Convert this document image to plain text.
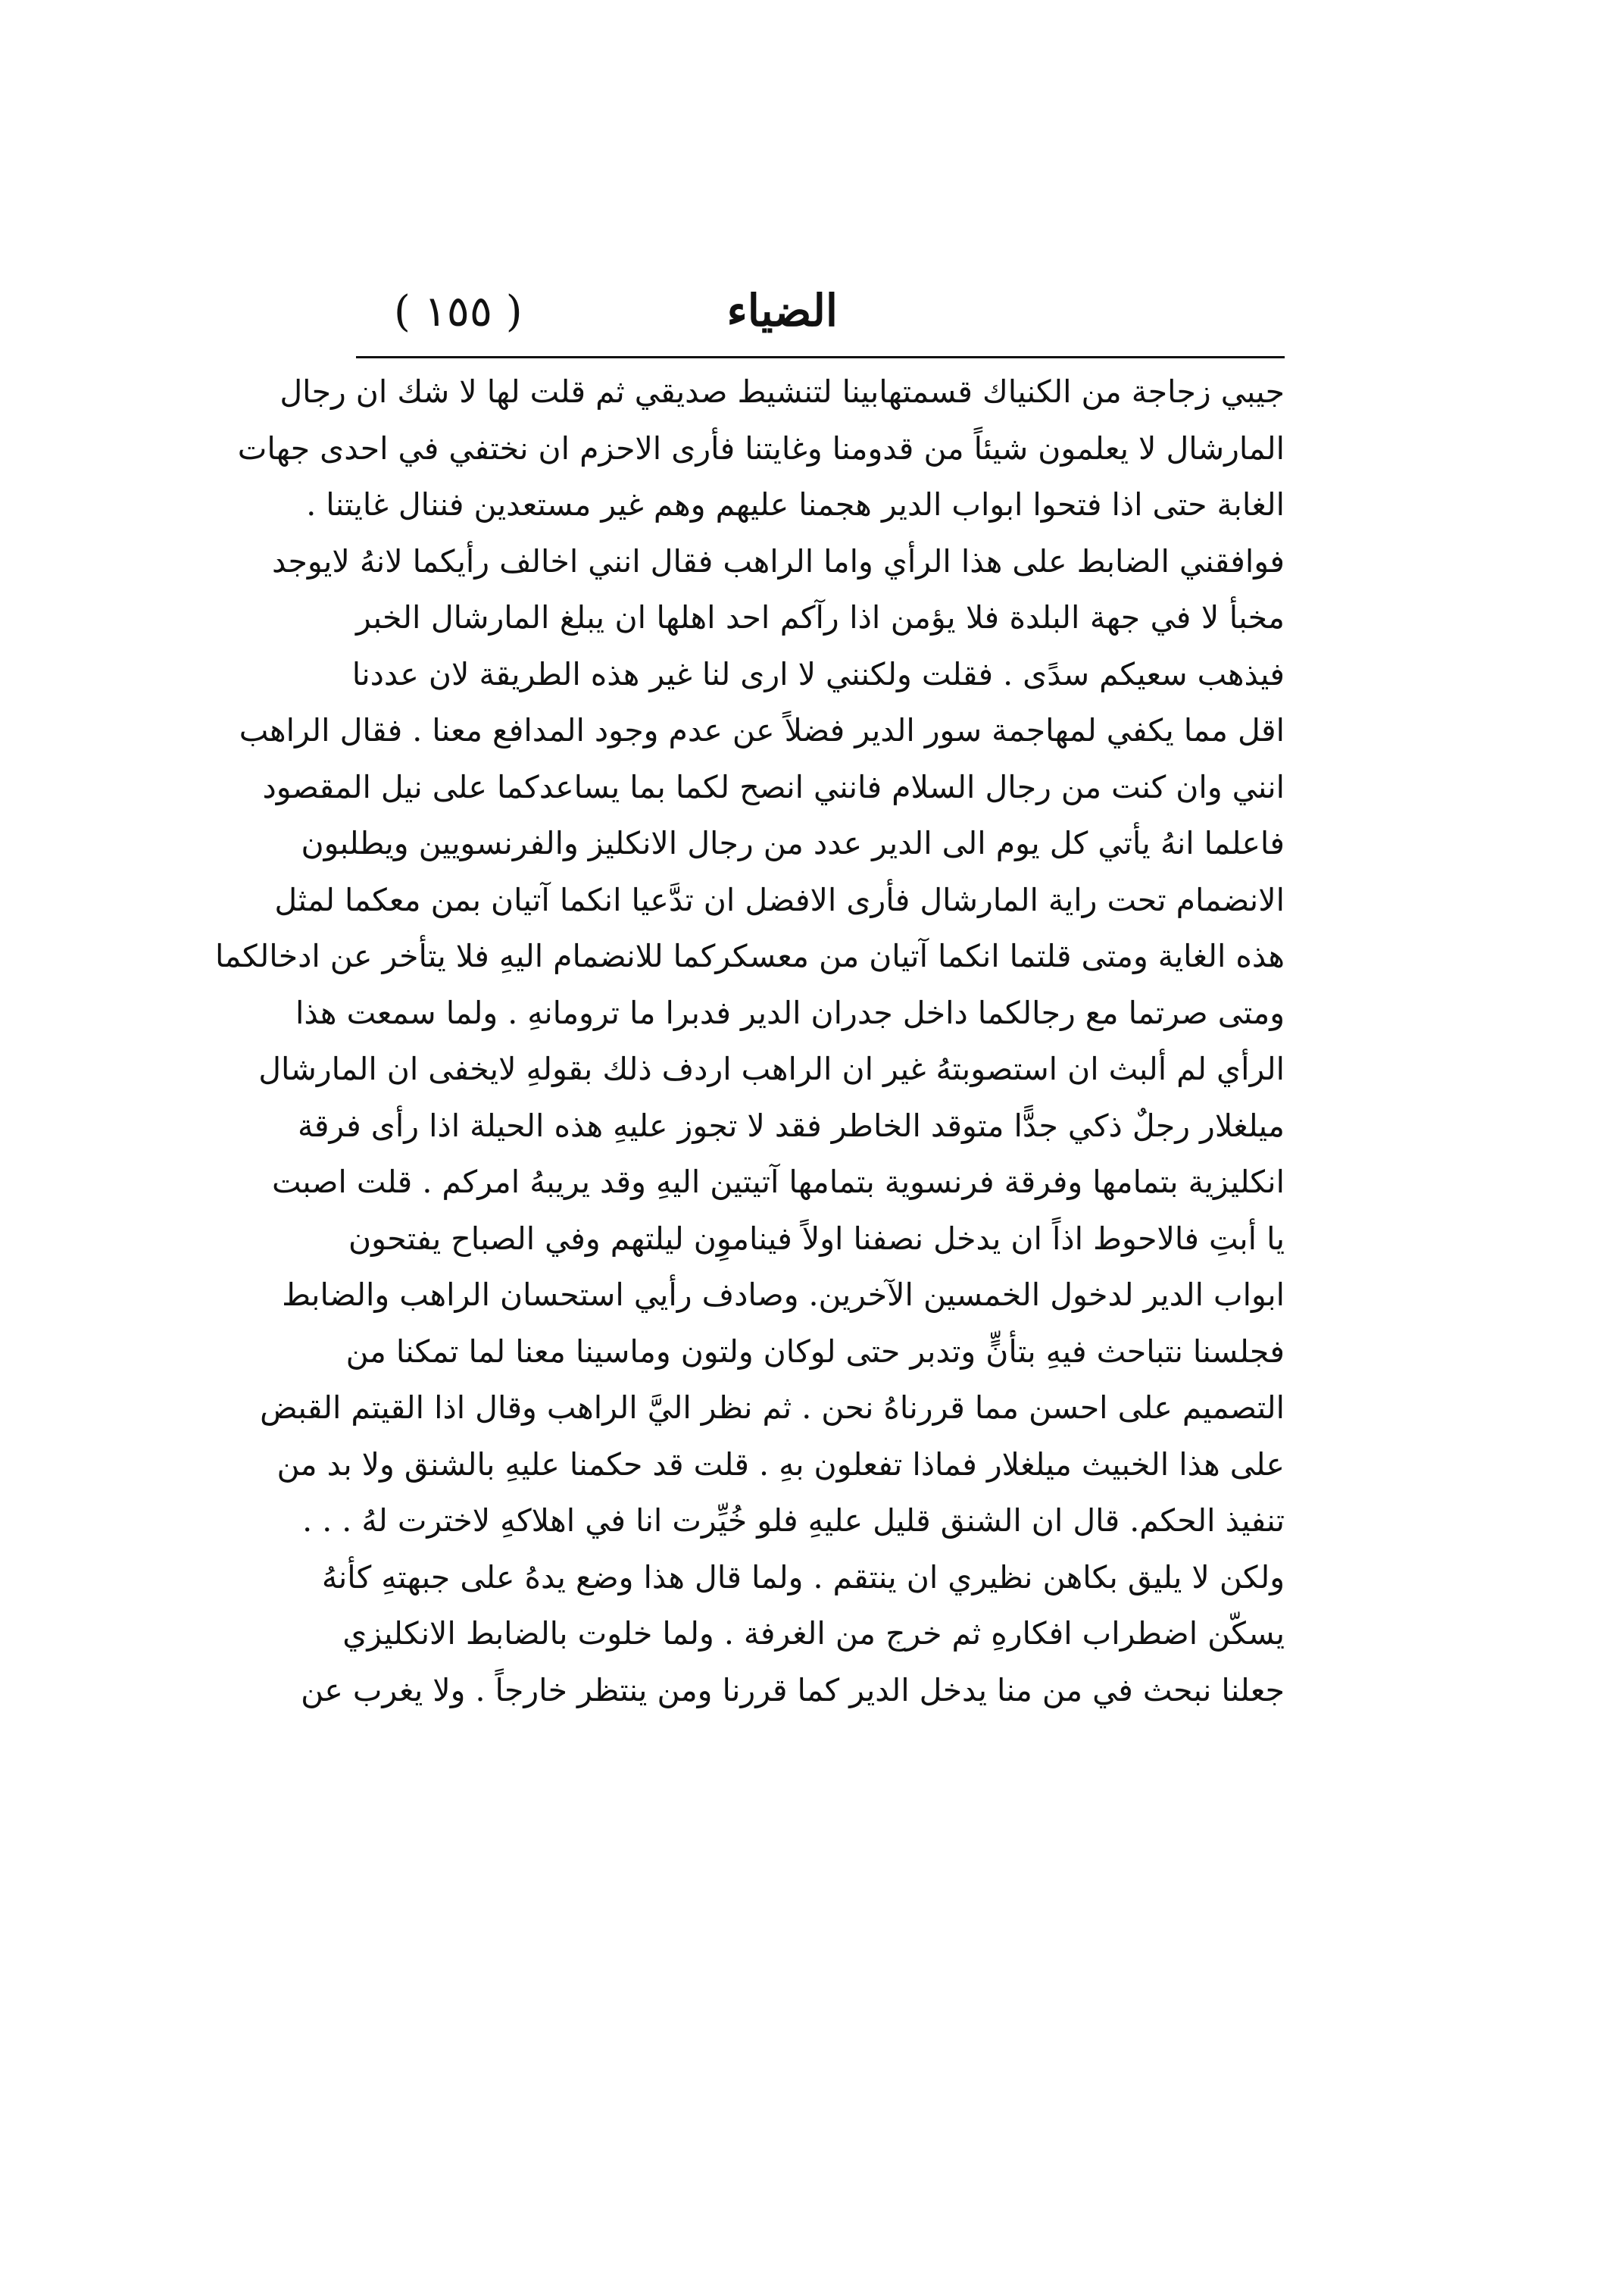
الضياء
( ١٥٥ )
جيبي زجاجة من الكنياك قسمتهابينا لتنشيط صديقي ثم قلت لها لا شك ان رجال
المارشال لا يعلمون شيئاً من قدومنا وغايتنا فأرى الاحزم ان نختفي في احدى جهات
الغابة حتى اذا فتحوا ابواب الدير هجمنا عليهم وهم غير مستعدين فننال غايتنا .
فوافقني الضابط على هذا الرأي واما الراهب فقال انني اخالف رأيكما لانهُ لايوجد
مخبأ لا في جهة البلدة فلا يؤمن اذا رآكم احد اهلها ان يبلغ المارشال الخبر
فيذهب سعيكم سدًى . فقلت ولكنني لا ارى لنا غير هذه الطريقة لان عددنا
اقل مما يكفي لمهاجمة سور الدير فضلاً عن عدم وجود المدافع معنا . فقال الراهب
انني وان كنت من رجال السلام فانني انصح لكما بما يساعدكما على نيل المقصود
فاعلما انهُ يأتي كل يوم الى الدير عدد من رجال الانكليز والفرنسويين ويطلبون
الانضمام تحت راية المارشال فأرى الافضل ان تدَّعيا انكما آتيان بمن معكما لمثل
هذه الغاية ومتى قلتما انكما آتيان من معسكركما للانضمام اليهِ فلا يتأخر عن ادخالكما
ومتى صرتما مع رجالكما داخل جدران الدير فدبرا ما ترومانهِ . ولما سمعت هذا
الرأي لم ألبث ان استصوبتهُ غير ان الراهب اردف ذلك بقولهِ لايخفى ان المارشال
ميلغلار رجلٌ ذكي جدًّا متوقد الخاطر فقد لا تجوز عليهِ هذه الحيلة اذا رأى فرقة
انكليزية بتمامها وفرقة فرنسوية بتمامها آتيتين اليهِ وقد يريبهُ امركم . قلت اصبت
يا أبتِ فالاحوط اذاً ان يدخل نصفنا اولاً فيناموِن ليلتهم وفي الصباح يفتحون
ابواب الدير لدخول الخمسين الآخرين. وصادف رأيي استحسان الراهب والضابط
فجلسنا نتباحث فيهِ بتأنٍّ وتدبر حتى لوكان ولتون وماسينا معنا لما تمكنا من
التصميم على احسن مما قررناهُ نحن . ثم نظر اليَّ الراهب وقال اذا القيتم القبض
على هذا الخبيث ميلغلار فماذا تفعلون بهِ . قلت قد حكمنا عليهِ بالشنق ولا بد من
تنفيذ الحكم. قال ان الشنق قليل عليهِ فلو خُيِّرت انا في اهلاكهِ لاخترت لهُ . . .
ولكن لا يليق بكاهن نظيري ان ينتقم . ولما قال هذا وضع يدهُ على جبهتهِ كأنهُ
يسكّن اضطراب افكارهِ ثم خرج من الغرفة . ولما خلوت بالضابط الانكليزي
جعلنا نبحث في من منا يدخل الدير كما قررنا ومن ينتظر خارجاً . ولا يغرب عن
